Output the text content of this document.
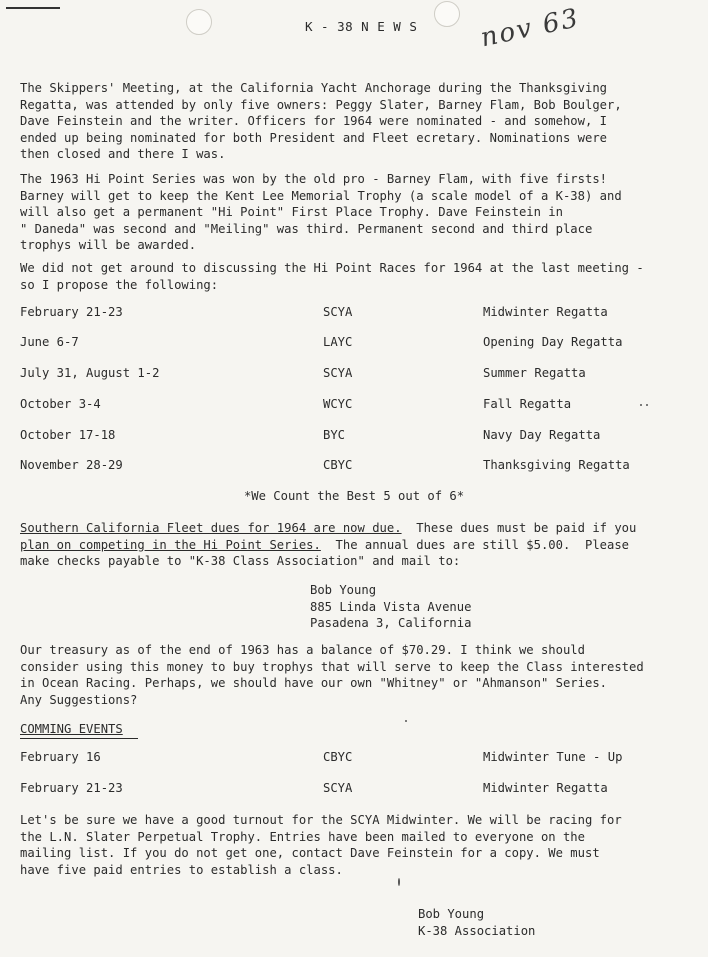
K - 38 N E W S nov 63

The Skippers' Meeting, at the California Yacht Anchorage during the Thanksgiving
Regatta, was attended by only five owners: Peggy Slater, Barney Flam, Bob Boulger,
Dave Feinstein and the writer. Officers for 1964 were nominated - and somehow, I
ended up being nominated for both President and Fleet ecretary. Nominations were
then closed and there I was.

The 1963 Hi Point Series was won by the old pro - Barney Flam, with five firsts!
Barney will get to keep the Kent Lee Memorial Trophy (a scale model of a K-38) and
will also get a permanent "Hi Point" First Place Trophy. Dave Feinstein in
" Daneda" was second and "Meiling" was third. Permanent second and third place
trophys will be awarded.

We did not get around to discussing the Hi Point Races for 1964 at the last meeting -
so I propose the following:

February 21-23	SCYA	Midwinter Regatta
June 6-7	LAYC	Opening Day Regatta
July 31, August 1-2	SCYA	Summer Regatta
October 3-4	WCYC	Fall Regatta
October 17-18	BYC	Navy Day Regatta
November 28-29	CBYC	Thanksgiving Regatta
*We Count the Best 5 out of 6*
Southern California Fleet dues for 1964 are now due.  These dues must be paid if you
plan on competing in the Hi Point Series.  The annual dues are still $5.00.  Please
make checks payable to "K-38 Class Association" and mail to:
Bob Young
885 Linda Vista Avenue
Pasadena 3, California

Our treasury as of the end of 1963 has a balance of $70.29. I think we should
consider using this money to buy trophys that will serve to keep the Class interested
in Ocean Racing. Perhaps, we should have our own "Whitney" or "Ahmanson" Series.
Any Suggestions?

COMMING EVENTS
February 16	CBYC	Midwinter Tune - Up
February 21-23	SCYA	Midwinter Regatta

Let's be sure we have a good turnout for the SCYA Midwinter. We will be racing for
the L.N. Slater Perpetual Trophy. Entries have been mailed to everyone on the
mailing list. If you do not get one, contact Dave Feinstein for a copy. We must
have five paid entries to establish a class.

Bob Young
K-38 Association
